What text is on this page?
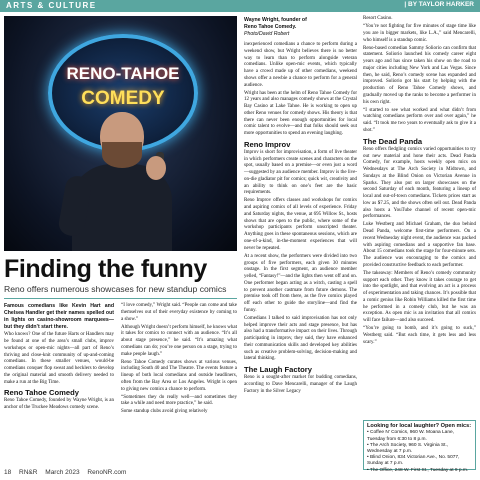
ARTS & CULTURE	| BY TAYLOR HARKER
RENO-TAHOE
COMEDY
Wayne Wright, founder of Reno Tahoe Comedy. Photo/David Robert
Finding the funny
Reno offers numerous showcases for new standup comics

Famous comedians like Kevin Hart and Chelsea Handler get their names spelled out in lights on casino-showroom marquees— but they didn’t start there.

Who knows? One of the future Harts or Handlers may be found at one of the area’s small clubs, improv workshops or open-mic nights—all part of Reno’s thriving and close-knit community of up-and-coming comedians. In these smaller venues, would-be comedians conquer flop sweat and hecklers to develop the original material and smooth delivery needed to make a run at the Big Time.

Reno Tahoe Comedy

Reno Tahoe Comedy, founded by Wayne Wright, is an anchor of the Truckee Meadows comedy scene.

“I love comedy,” Wright said. “People can come and take themselves out of their everyday existence by coming to a show.”

Although Wright doesn’t perform himself, he knows what it takes for comics to connect with an audience. “It’s all about stage presence,” he said. “It’s amazing what comedians can do; you’re one person on a stage, trying to make people laugh.”

Reno Tahoe Comedy curates shows at various venues, including South 40 and The Theatre. The events feature a lineup of both local comedians and outside headliners, often from the Bay Area or Los Angeles. Wright is open to giving new comics a chance to perform.

“Sometimes they do really well—and sometimes they take a while and need more practice,” he said.

Some standup clubs avoid giving relatively

inexperienced comedians a chance to perform during a weekend show, but Wright believes there is no better way to learn than to perform alongside veteran comedians. Unlike open-mic events, which typically have a crowd made up of other comedians, weekend shows offer a newbie a chance to perform for a general audience.

Wright has been at the helm of Reno Tahoe Comedy for 12 years and also manages comedy shows at the Crystal Bay Casino at Lake Tahoe. He is working to open up other Reno venues for comedy shows. His theory is that there can never been enough opportunities for local comic talent to evolve—and that folks should seek out more opportunities to spend an evening laughing.

Reno Improv

Improv is short for improvisation, a form of live theater in which performers create scenes and characters on the spot, usually based on a premise—or even just a word—suggested by an audience member. Improv is the live-on-die gladiator pit for comics; quick wit, creativity and an ability to think on one’s feet are the basic requirements.

Reno Improv offers classes and workshops for comics and aspiring comics of all levels of experience. Friday and Saturday nights, the venue, at 695 Willow St., hosts shows that are open to the public, where some of the workshop participants perform unscripted theater. Anything goes in these spontaneous sessions, which are one-of-a-kind, in-the-moment experiences that will never be repeated.

At a recent show, the performers were divided into two groups of five performers, each given 30 minutes onstage. In the first segment, an audience member yelled, “Fantasy!”—and the lights then went off and on. One performer began acting as a witch, casting a spell to prevent another castmate from future demons. The premise took off from there, as the five comics played off each other to guide the storyline—and find the funny.

Comedians I talked to said improvisation has not only helped improve their acts and stage presence, but has also had a transformative impact on their lives. Through participating in improv, they said, they have enhanced their communication skills and developed key abilities such as creative problem-solving, decision-making and lateral thinking.

The Laugh Factory

Reno is a sought-after market for budding comedians, according to Dave Mencarelli, manager of the Laugh Factory in the Silver Legacy

Resort Casino.

“You’re not fighting for five minutes of stage time like you are in bigger markets, like L.A.,” said Mencarelli, who himself is a standup comic.

Reno-based comedian Sammy Soliorio can confirm that statement. Soliorio launched his comedy career eight years ago and has since taken his show on the road to major cities including New York and Las Vegas. Since then, he said, Reno’s comedy scene has expanded and improved. Soliorio got his start by helping with the production of Reno Tahoe Comedy shows, and gradually moved up the ranks to become a performer in his own right.

“I started to see what worked and what didn’t from watching comedians perform over and over again,” he said. “It took me two years to eventually ask to give it a shot.”

The Dead Panda

Reno offers fledgling comics varied opportunities to try out new material and hone their acts. Dead Panda Comedy, for example, hosts weekly open mics on Wednesdays at The Arch Society in Midtown, and Sundays at the Blind Onion on Victorian Avenue in Sparks. They also put on larger showcases on the second Saturday of each month, featuring a lineup of local and out-of-town comedians. Tickets prices start as low as $7.25, and the shows often sell out. Dead Panda also hosts a YouTube channel of recent open-mic performances.

Luke Westberg and Michael Graham, the duo behind Dead Panda, welcome first-time performers. On a recent Wednesday night event, the audience was packed with aspiring comedians and a supportive fan base. About 15 comedians took the stage for four-minute sets. The audience was encouraging to the comics and provided constructive feedback to each performer.

The takeaway: Members of Reno’s comedy community support each other. They know it takes courage to get into the spotlight, and that evolving an act is a process of experimentation and taking chances. It’s possible that a comic genius like Robin Williams killed the first time he performed in a comedy club, but he was an exception. As open mic is an invitation that all comics will face failure—and also succeed.

“You’re going to bomb, and it’s going to suck,” Westberg said. “But each time, it gets less and less scary.”

Looking for local laughter? Open mics:
• Coffee N’ Comics, 960 W. Moana Lane, Tuesday from 6:30 to 8 p.m.
• The Arch Society, 960 S. Virginia St., Wednesday at 7 p.m.
• Blind Onion, 834 Victorian Ave., No. 5077, Sunday at 7 p.m.
• The Office, 248 W. First St., Tuesday at 9 p.m.
18 RN&R March 2023 RenoNR.com
